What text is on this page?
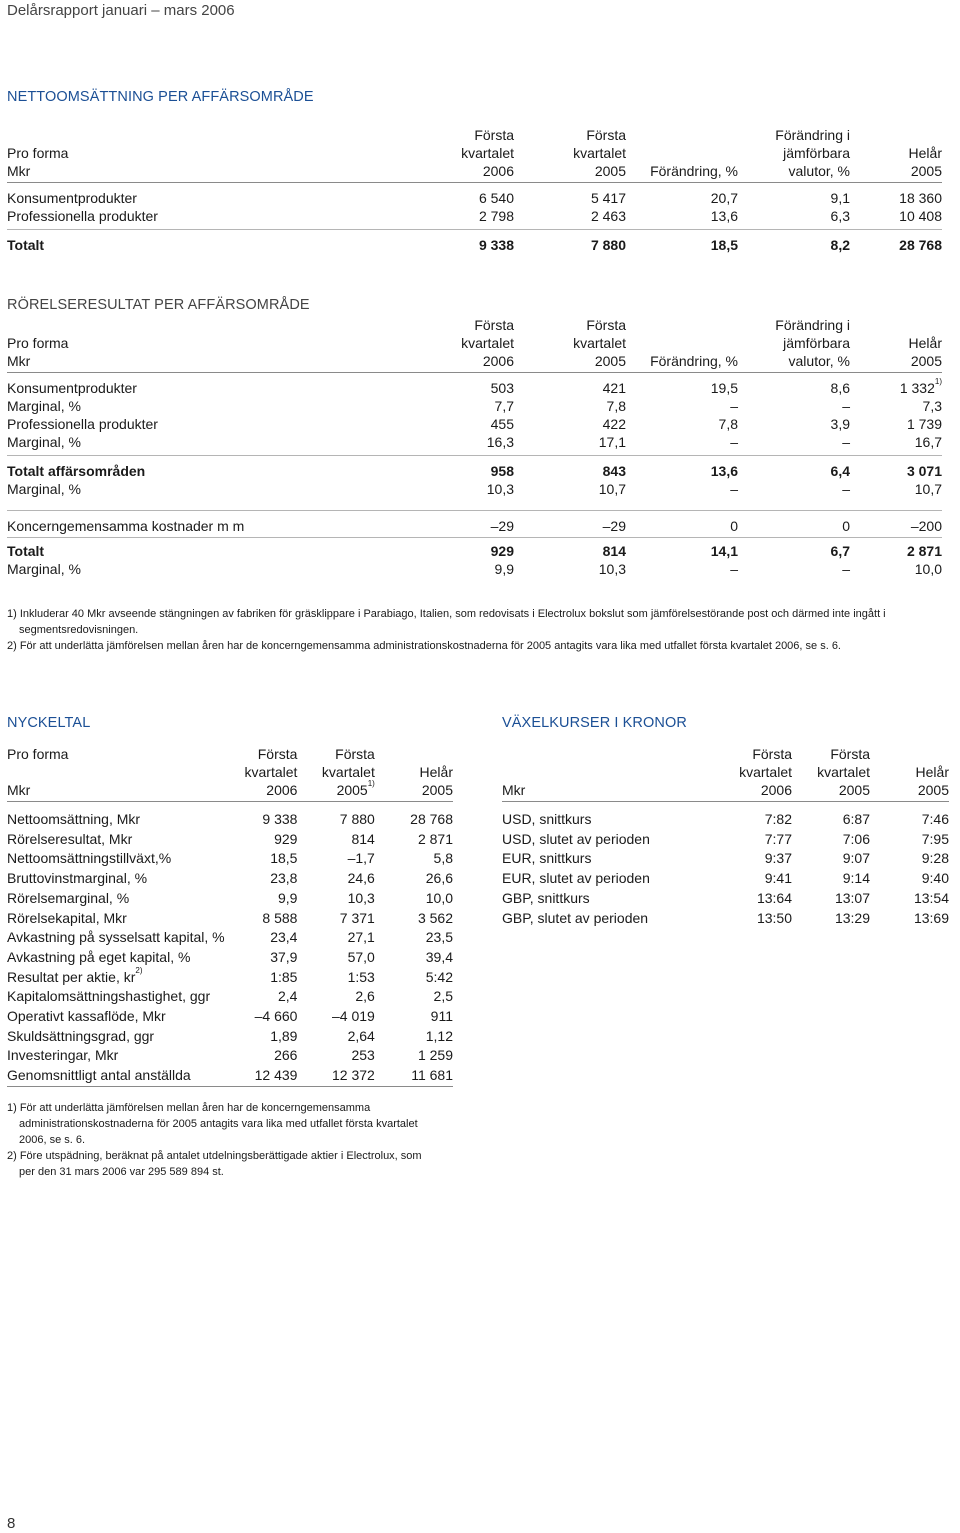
Delårsrapport januari – mars 2006
NETTOOMSÄTTNING PER AFFÄRSOMRÅDE
	Första	Första		Förändring i	
Pro forma	kvartalet	kvartalet		jämförbara	Helår
Mkr	2006	2005	Förändring, %	valutor, %	2005

Konsumentprodukter	6 540	5 417	20,7	9,1	18 360
Professionella produkter	2 798	2 463	13,6	6,3	10 408

Totalt	9 338	7 880	18,5	8,2	28 768
RÖRELSERESULTAT PER AFFÄRSOMRÅDE
	Första	Första		Förändring i	
Pro forma	kvartalet	kvartalet		jämförbara	Helår
Mkr	2006	2005	Förändring, %	valutor, %	2005

Konsumentprodukter	503	421	19,5	8,6	1 332$^{1)}$
Marginal, %	7,7	7,8	–	–	7,3
Professionella produkter	455	422	7,8	3,9	1 739
Marginal, %	16,3	17,1	–	–	16,7

Totalt affärsområden	958	843	13,6	6,4	3 071
Marginal, %	10,3	10,7	–	–	10,7

Koncerngemensamma kostnader m m	–29	–29	0	0	–200

Totalt	929	814	14,1	6,7	2 871
Marginal, %	9,9	10,3	–	–	10,0

1) Inkluderar 40 Mkr avseende stängningen av fabriken för gräsklippare i Parabiago, Italien, som redovisats i Electrolux bokslut som jämförelsestörande post och därmed inte ingått i

segmentsredovisningen.

2) För att underlätta jämförelsen mellan åren har de koncerngemensamma administrationskostnaderna för 2005 antagits vara lika med utfallet första kvartalet 2006, se s. 6.

NYCKELTAL
Pro forma	Första	Första	
	kvartalet	kvartalet	Helår
Mkr	2006	2005$^{1)}$	2005

Nettoomsättning, Mkr	9 338	7 880	28 768
Rörelseresultat, Mkr	929	814	2 871
Nettoomsättningstillväxt,%	18,5	–1,7	5,8
Bruttovinstmarginal, %	23,8	24,6	26,6
Rörelsemarginal, %	9,9	10,3	10,0
Rörelsekapital, Mkr	8 588	7 371	3 562
Avkastning på sysselsatt kapital, %	23,4	27,1	23,5
Avkastning på eget kapital, %	37,9	57,0	39,4
Resultat per aktie, $kr^{2)}$	1:85	1:53	5:42
Kapitalomsättningshastighet, ggr	2,4	2,6	2,5
Operativt kassaflöde, Mkr	–4 660	–4 019	911
Skuldsättningsgrad, ggr	1,89	2,64	1,12
Investeringar, Mkr	266	253	1 259
Genomsnittligt antal anställda	12 439	12 372	11 681

1) För att underlätta jämförelsen mellan åren har de koncerngemensamma

administrationskostnaderna för 2005 antagits vara lika med utfallet första kvartalet

2006, se s. 6.

2) Före utspädning, beräknat på antalet utdelningsberättigade aktier i Electrolux, som

per den 31 mars 2006 var 295 589 894 st.

VÄXELKURSER I KRONOR
	Första	Första	
	kvartalet	kvartalet	Helår
Mkr	2006	2005	2005

USD, snittkurs	7:82	6:87	7:46
USD, slutet av perioden	7:77	7:06	7:95
EUR, snittkurs	9:37	9:07	9:28
EUR, slutet av perioden	9:41	9:14	9:40
GBP, snittkurs	13:64	13:07	13:54
GBP, slutet av perioden	13:50	13:29	13:69
8
